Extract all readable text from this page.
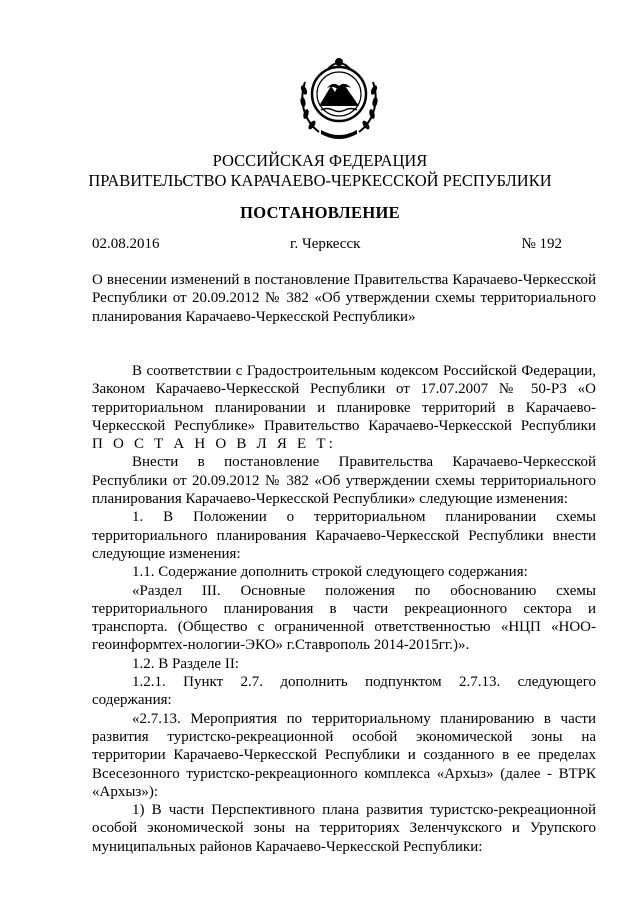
РОССИЙСКАЯ ФЕДЕРАЦИЯ
ПРАВИТЕЛЬСТВО КАРАЧАЕВО-ЧЕРКЕССКОЙ РЕСПУБЛИКИ
ПОСТАНОВЛЕНИЕ
02.08.2016	г. Черкесск	№ 192

О внесении изменений в постановление Правительства Карачаево-Черкесской Республики от 20.09.2012 № 382 «Об утверждении схемы территориального планирования Карачаево-Черкесской Республики»

В соответствии с Градостроительным кодексом Российской Федерации, Законом Карачаево-Черкесской Республики от 17.07.2007 № 50-РЗ «О территориальном планировании и планировке территорий в Карачаево-Черкесской Республике» Правительство Карачаево-Черкесской Республики

П О С Т А Н О В Л Я Е Т:

Внести в постановление Правительства Карачаево-Черкесской Республики от 20.09.2012 № 382 «Об утверждении схемы территориального планирования Карачаево-Черкесской Республики» следующие изменения:

1. В Положении о территориальном планировании схемы территориального планирования Карачаево-Черкесской Республики внести следующие изменения:

1.1. Содержание дополнить строкой следующего содержания:

«Раздел III. Основные положения по обоснованию схемы территориального планирования в части рекреационного сектора и транспорта. (Общество с ограниченной ответственностью «НЦП «НОО-геоинформтех-нологии-ЭКО» г.Ставрополь 2014-2015гг.)».

1.2. В Разделе II:

1.2.1. Пункт 2.7. дополнить подпунктом 2.7.13. следующего содержания:

«2.7.13. Мероприятия по территориальному планированию в части развития туристско-рекреационной особой экономической зоны на территории Карачаево-Черкесской Республики и созданного в ее пределах Всесезонного туристско-рекреационного комплекса «Архыз» (далее - ВТРК «Архыз»):

1) В части Перспективного плана развития туристско-рекреационной особой экономической зоны на территориях Зеленчукского и Урупского муниципальных районов Карачаево-Черкесской Республики:
